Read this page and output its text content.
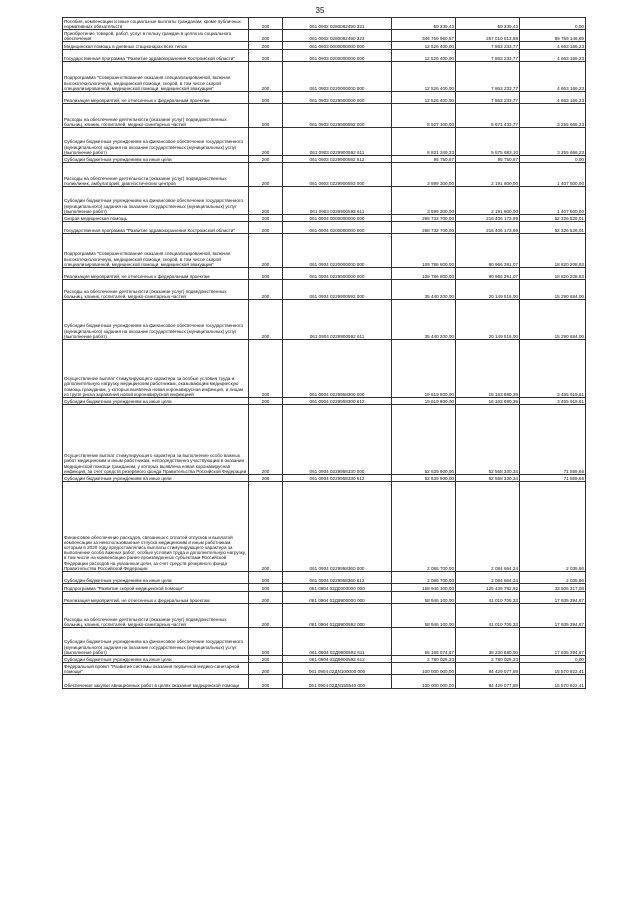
35
Пособия, компенсации и иные социальные выплаты гражданам, кроме публичных нормативных обязательств	200	061 0902 0280082490 321	59 239,43	59 239,43	0,00
Приобретение товаров, работ, услуг в пользу граждан в целях их социального обеспечения	200	061 0902 0280082490 323	346 769 960,57	257 010 813,88	89 759 146,69
Медицинская помощь в дневных стационарах всех типов	200	061 0903 0000000000 000	12 526 400,00	7 863 233,77	4 663 166,23
Государственная программа "Развитие здравоохранения Костромской области"	200	061 0903 0200000000 000	12 526 400,00	7 863 233,77	4 663 166,23
Подпрограмма "Совершенствование оказания специализированной, включая высокотехнологичную, медицинской помощи, скорой, в том числе скорой специализированной, медицинской помощи, медицинской эвакуации"	200	061 0903 0220000000 000	12 526 400,00	7 863 233,77	4 663 166,23
Реализация мероприятий, не отнесенных к федеральным проектам	200	061 0903 0229900000 000	12 526 400,00	7 863 233,77	4 663 166,23
Расходы на обеспечение деятельности (оказание услуг) подведомственных больниц, клиник, госпиталей, медико-санитарных частей	200	061 0903 0229900592 000	8 927 100,00	5 671 433,77	3 255 666,23
Субсидии бюджетным учреждениям на финансовое обеспечение государственного (муниципального) задания на оказание государственных (муниципальных) услуг (выполнение работ)	200	061 0903 0229900592 611	8 831 349,33	5 575 683,10	3 255 666,23
Субсидии бюджетным учреждениям на иные цели	200	061 0903 0229900592 612	95 750,67	95 750,67	0,00
Расходы на обеспечение деятельности (оказание услуг) подведомственных поликлиник, амбулаторий, диагностических центров	200	061 0903 0229900593 000	3 599 300,00	2 191 800,00	1 407 500,00
Субсидии бюджетным учреждениям на финансовое обеспечение государственного (муниципального) задания на оказание государственных (муниципальных) услуг (выполнение работ)	200	061 0903 0229900593 611	3 599 300,00	2 191 800,00	1 407 500,00
Скорая медицинская помощь	200	061 0904 0000000000 000	268 732 700,00	216 406 173,99	52 326 526,01
Государственная программа "Развитие здравоохранения Костромской области"	200	061 0904 0200000000 000	268 732 700,00	216 406 173,99	52 326 526,01
Подпрограмма "Совершенствование оказания специализированной, включая высокотехнологичную, медицинской помощи, скорой, в том числе скорой специализированной, медицинской помощи, медицинской эвакуации"	200	061 0904 0220000000 000	109 786 800,00	90 966 391,07	18 820 208,93
Реализация мероприятий, не отнесенных к федеральным проектам	200	061 0904 0229900000 000	109 786 800,00	90 966 391,07	18 820 208,93
Расходы на обеспечение деятельности (оказание услуг) подведомственных больниц, клиник, госпиталей, медико-санитарных частей	200	061 0904 0229900592 000	35 440 200,00	20 149 516,00	15 290 684,00
Субсидии бюджетным учреждениям на финансовое обеспечение государственного (муниципального) задания на оказание государственных (муниципальных) услуг (выполнение работ)	200	061 0904 0229900592 611	35 440 200,00	20 149 516,00	15 290 684,00
Осуществление выплат стимулирующего характера за особые условия труда и дополнительную нагрузку медицинским работникам, оказывающим медицинскую помощь гражданам, у которых выявлена новая коронавирусная инфекция, и лицам из групп риска заражения новой коронавирусной инфекцией	200	061 0904 0229958300 000	19 619 800,00	16 163 880,39	3 455 919,61
Субсидии бюджетным учреждениям на иные цели	200	061 0904 0229958300 612	19 619 800,00	16 163 880,39	3 455 919,61
Осуществление выплат стимулирующего характера за выполнение особо важных работ медицинским и иным работникам, непосредственно участвующим в оказании медицинской помощи гражданам, у которых выявлена новая коронавирусная инфекция, за счет средств резервного фонда Правительства Российской Федерации	200	061 0904 0229958330 000	52 639 900,00	52 568 330,34	71 569,66
Субсидии бюджетным учреждениям на иные цели	200	061 0904 0229958330 612	52 639 900,00	52 568 330,34	71 569,66
Финансовое обеспечение расходов, связанных с оплатой отпусков и выплатой компенсации за неиспользованные отпуска медицинским и иным работникам, которым в 2020 году предоставлялись выплаты стимулирующего характера за выполнение особо важных работ, особые условия труда и дополнительную нагрузку, в том числе на компенсацию ранее произведенных субъектами Российской Федерации расходов на указанные цели, за счет средств резервного фонда Правительства Российской Федерации	200	061 0904 0229958360 000	2 086 700,00	2 084 664,34	2 035,66
Субсидии бюджетным учреждениям на иные цели	200	061 0904 0229958360 612	2 086 700,00	2 084 664,34	2 035,66
Подпрограмма "Развитие скорой медицинской помощи"	200	061 0904 02Д0000000 000	158 946 100,00	125 439 782,92	33 506 317,08
Реализация мероприятий, не отнесенных к федеральным проектам	200	061 0904 02Д9900000 000	58 946 100,00	41 010 705,33	17 935 394,67
Расходы на обеспечение деятельности (оказание услуг) подведомственных больниц, клиник, госпиталей, медико-санитарных частей	200	061 0904 02Д9900592 000	58 946 100,00	41 010 705,33	17 935 394,67
Субсидии бюджетным учреждениям на финансовое обеспечение государственного (муниципального) задания на оказание государственных (муниципальных) услуг (выполнение работ)	200	061 0904 02Д9900592 611	56 165 074,67	38 230 680,00	17 935 394,67
Субсидии бюджетным учреждениям на иные цели	200	061 0904 02Д9900592 612	2 780 025,33	2 780 025,33	0,00
Федеральный проект "Развитие системы оказания первичной медико-санитарной помощи"	200	061 0904 02ДN100000 000	100 000 000,00	84 429 077,59	15 570 922,41
Обеспечение закупки авиационных работ в целях оказания медицинской помощи	200	061 0904 02ДN155540 000	100 000 000,00	84 429 077,59	15 570 922,41
